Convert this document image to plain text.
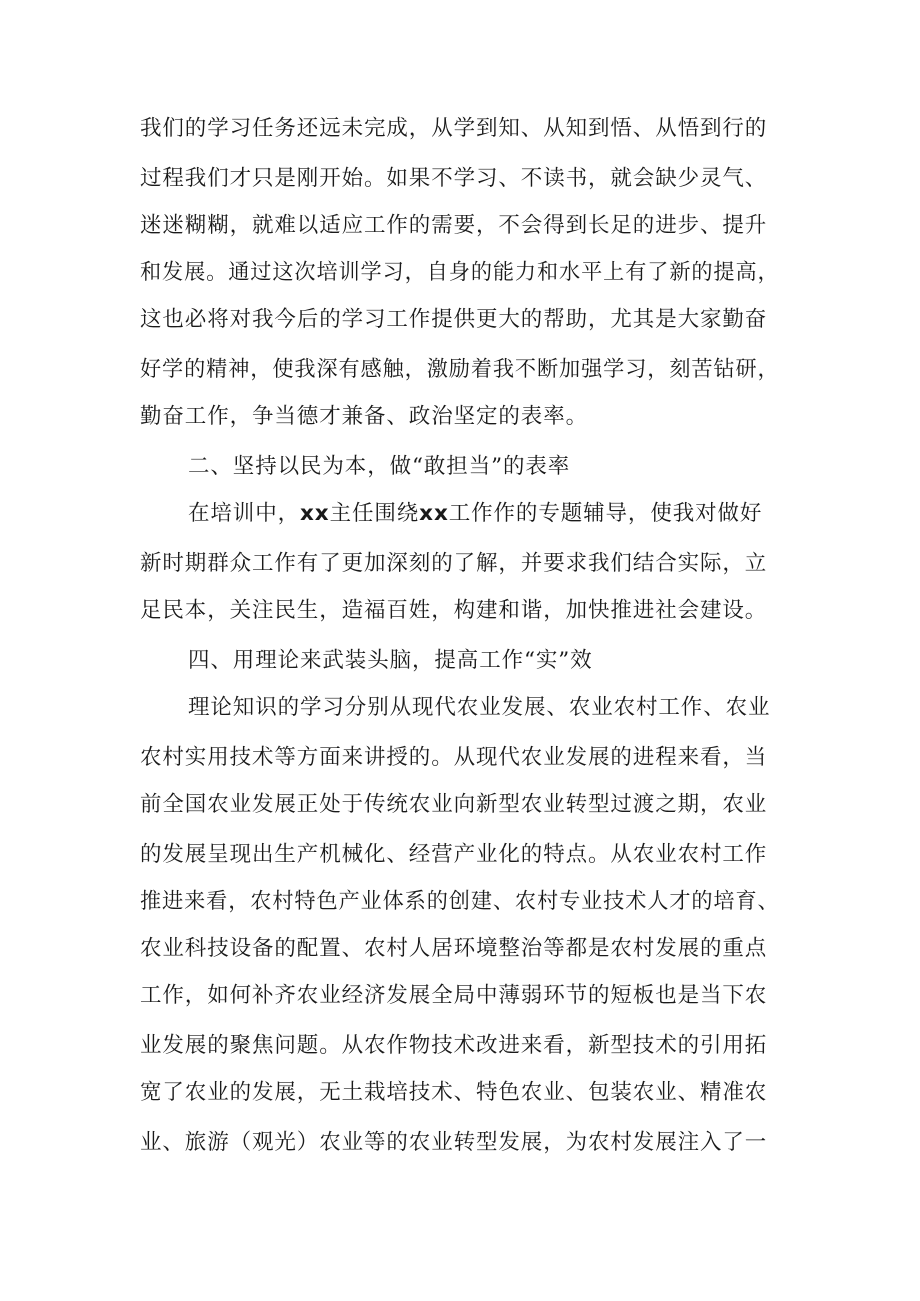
我们的学习任务还远未完成，从学到知、从知到悟、从悟到行的
过程我们才只是刚开始。如果不学习、不读书，就会缺少灵气、
迷迷糊糊，就难以适应工作的需要，不会得到长足的进步、提升
和发展。通过这次培训学习，自身的能力和水平上有了新的提高，
这也必将对我今后的学习工作提供更大的帮助，尤其是大家勤奋
好学的精神，使我深有感触，激励着我不断加强学习，刻苦钻研，
勤奋工作，争当德才兼备、政治坚定的表率。
二、坚持以民为本，做“敢担当”的表率
在培训中，xx主任围绕xx工作作的专题辅导，使我对做好
新时期群众工作有了更加深刻的了解，并要求我们结合实际，立
足民本，关注民生，造福百姓，构建和谐，加快推进社会建设。
四、用理论来武装头脑，提高工作“实”效
理论知识的学习分别从现代农业发展、农业农村工作、农业
农村实用技术等方面来讲授的。从现代农业发展的进程来看，当
前全国农业发展正处于传统农业向新型农业转型过渡之期，农业
的发展呈现出生产机械化、经营产业化的特点。从农业农村工作
推进来看，农村特色产业体系的创建、农村专业技术人才的培育、
农业科技设备的配置、农村人居环境整治等都是农村发展的重点
工作，如何补齐农业经济发展全局中薄弱环节的短板也是当下农
业发展的聚焦问题。从农作物技术改进来看，新型技术的引用拓
宽了农业的发展，无土栽培技术、特色农业、包装农业、精准农
业、旅游（观光）农业等的农业转型发展，为农村发展注入了一
